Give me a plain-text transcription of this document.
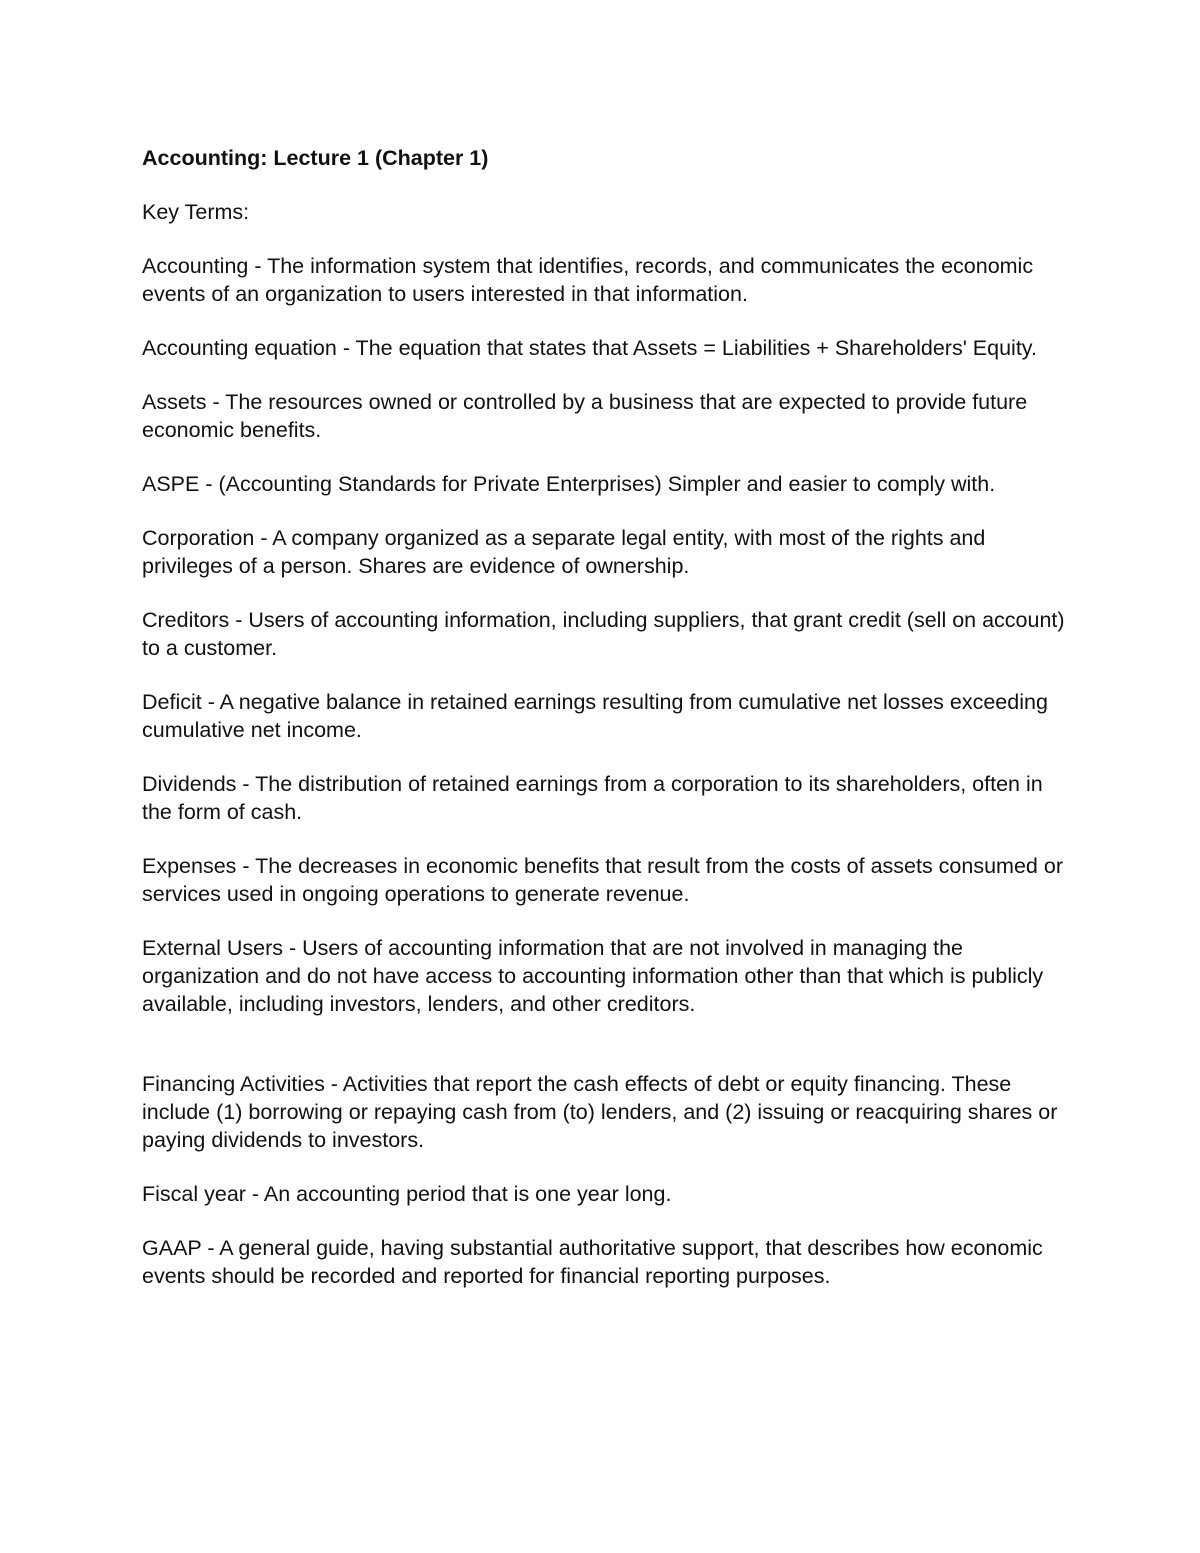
Accounting: Lecture 1 (Chapter 1)

Key Terms:

Accounting - The information system that identifies, records, and communicates the economic events of an organization to users interested in that information.

Accounting equation - The equation that states that Assets = Liabilities + Shareholders' Equity.

Assets - The resources owned or controlled by a business that are expected to provide future economic benefits.

ASPE - (Accounting Standards for Private Enterprises) Simpler and easier to comply with.

Corporation - A company organized as a separate legal entity, with most of the rights and privileges of a person. Shares are evidence of ownership.

Creditors - Users of accounting information, including suppliers, that grant credit (sell on account) to a customer.

Deficit - A negative balance in retained earnings resulting from cumulative net losses exceeding cumulative net income.

Dividends - The distribution of retained earnings from a corporation to its shareholders, often in the form of cash.

Expenses - The decreases in economic benefits that result from the costs of assets consumed or services used in ongoing operations to generate revenue.

External Users - Users of accounting information that are not involved in managing the organization and do not have access to accounting information other than that which is publicly available, including investors, lenders, and other creditors.

Financing Activities - Activities that report the cash effects of debt or equity financing. These include (1) borrowing or repaying cash from (to) lenders, and (2) issuing or reacquiring shares or paying dividends to investors.

Fiscal year - An accounting period that is one year long.

GAAP - A general guide, having substantial authoritative support, that describes how economic events should be recorded and reported for financial reporting purposes.
